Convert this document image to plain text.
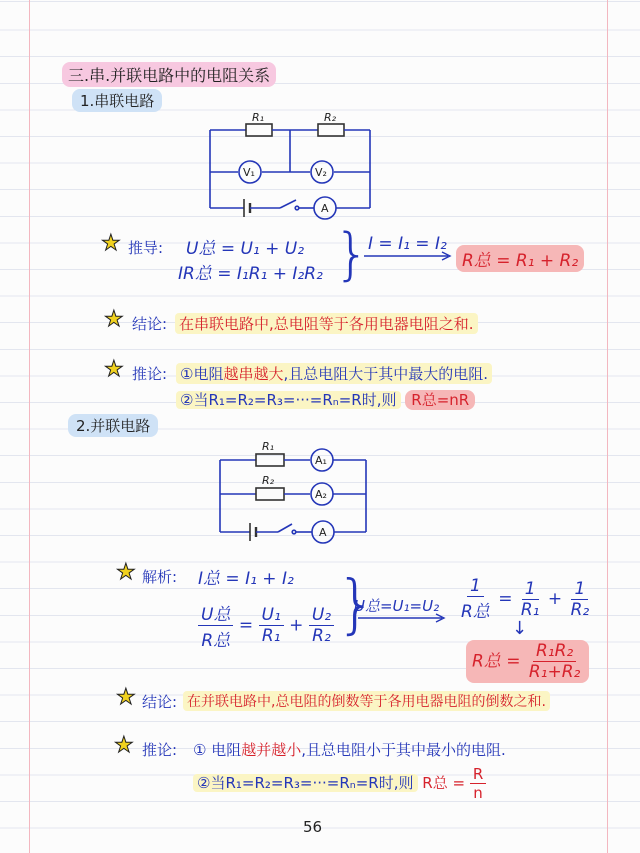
三.串.并联电路中的电阻关系
1.串联电路
R₁	R₂
V₁	V₂
A
★ 推导: U总 = U₁ + U₂
IR总 = I₁R₁ + I₂R₂ }
I = I₁ = I₂
R总 = R₁ + R₂
★ 结论: 在串联电路中,总电阻等于各用电器电阻之和.
★ 推论: ①电阻越串越大,且总电阻大于其中最大的电阻.
②当R₁=R₂=R₃=···=Rₙ=R时,则 R总=nR
2.并联电路
R₁
R₂
A₁
A₂
A
★ 解析: I总 = I₁ + I₂
$\frac{\text{U总}}{\text{R总}} = \frac{\text{U₁}}{\text{R₁}} + \frac{\text{U₂}}{\text{R₂}}$ }
U总$=U_1=U_2 \frac{1}{\text{R总}} = \frac{1}{\text{R₁}} + \frac{1}{\text{R₂}}$
↓
R总 = $\frac{\text{R₁R₂}}{\text{R₁+R₂}}$
★ 结论: 在并联电路中,总电阻的倒数等于各用电器电阻的倒数之和.
★ 推论: ① 电阻越并越小,且总电阻小于其中最小的电阻.
②当R₁=R₂=R₃=···=Rₙ=R时,则 R总 = $\frac{R}{n}$
56
